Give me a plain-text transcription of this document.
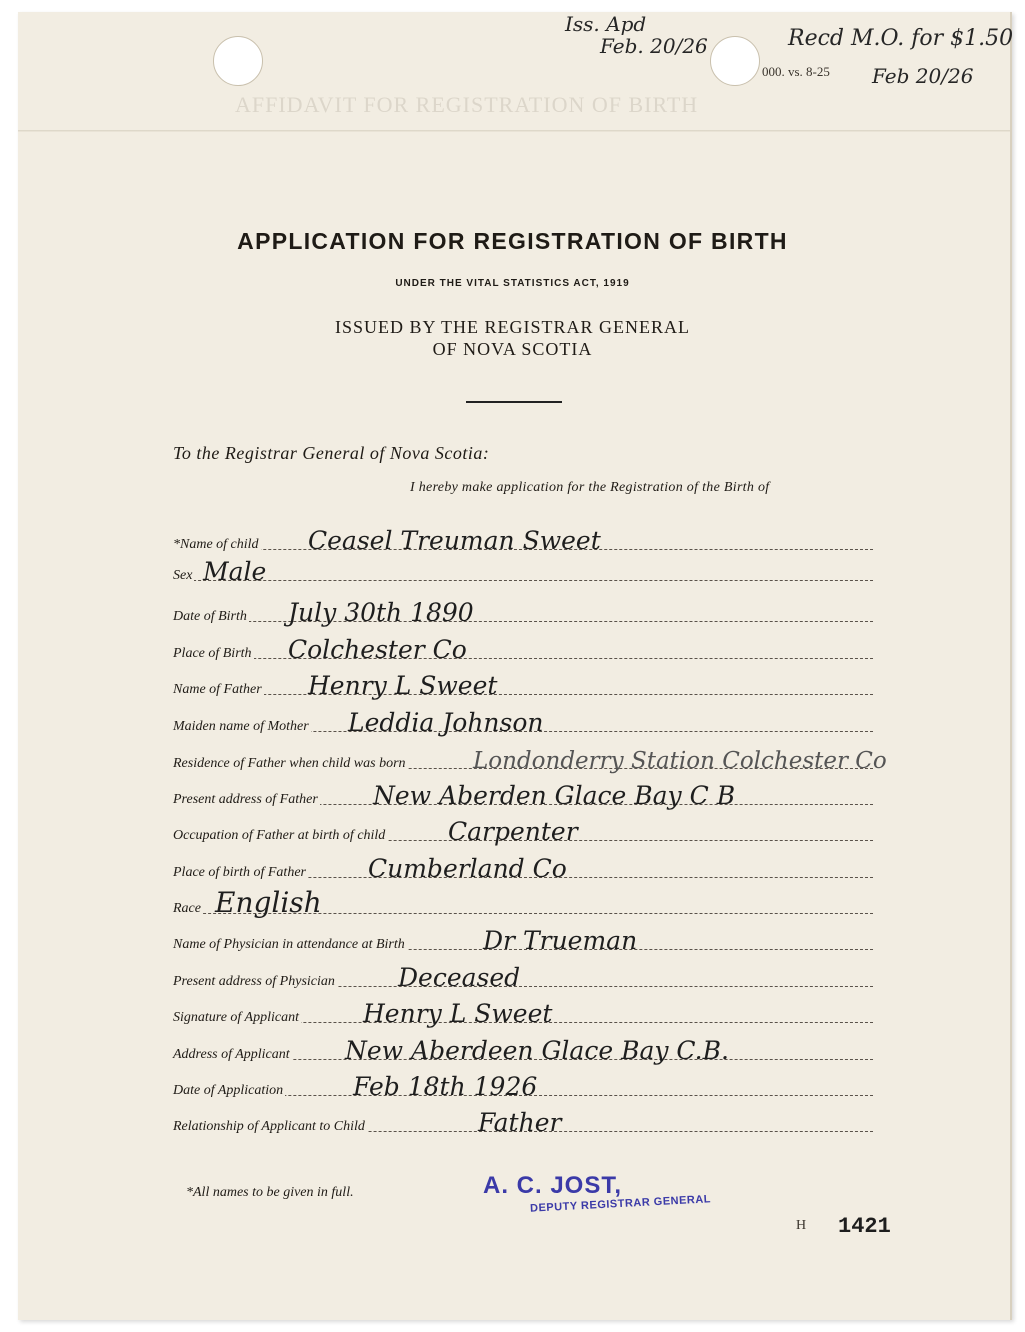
AFFIDAVIT FOR REGISTRATION OF BIRTH
Iss. Apd
Feb. 20/26	Recd M.O. for $1.50
Feb 20/26
000. vs. 8-25
APPLICATION FOR REGISTRATION OF BIRTH
UNDER THE VITAL STATISTICS ACT, 1919
ISSUED BY THE REGISTRAR GENERAL
OF NOVA SCOTIA
To the Registrar General of Nova Scotia:
I hereby make application for the Registration of the Birth of
*Name of child Ceasel Treuman Sweet
Sex Male
Date of Birth July 30th 1890
Place of Birth Colchester Co
Name of Father Henry L Sweet
Maiden name of Mother Leddia Johnson
Residence of Father when child was born	Londonderry Station Colchester Co
Present address of Father New Aberden Glace Bay C B
Occupation of Father at birth of child	Carpenter
Place of birth of Father Cumberland Co
Race English
Name of Physician in attendance at Birth	Dr Trueman
Present address of Physician	Deceased
Signature of Applicant	Henry L Sweet
Address of Applicant New Aberdeen Glace Bay C.B.
Date of Application	Feb 18th 1926
Relationship of Applicant to Child	Father
*All names to be given in full.	A. C. JOST,
DEPUTY REGISTRAR GENERAL
H 1421
